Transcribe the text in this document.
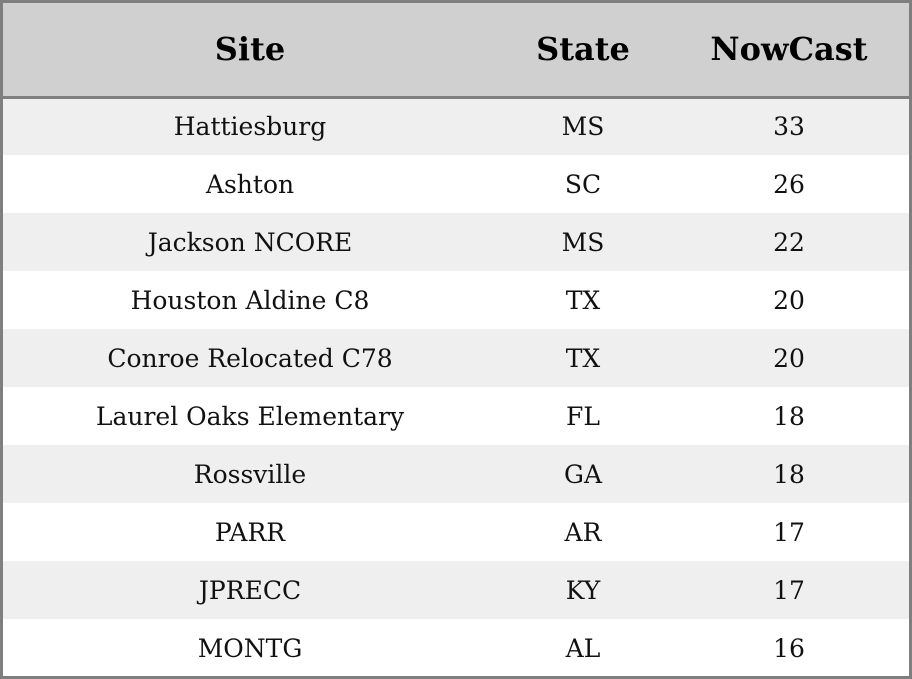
Site	State	NowCast
Hattiesburg	MS	33
Ashton	SC	26
Jackson NCORE	MS	22
Houston Aldine C8	TX	20
Conroe Relocated C78	TX	20
Laurel Oaks Elementary	FL	18
Rossville	GA	18
PARR	AR	17
JPRECC	KY	17
MONTG	AL	16
